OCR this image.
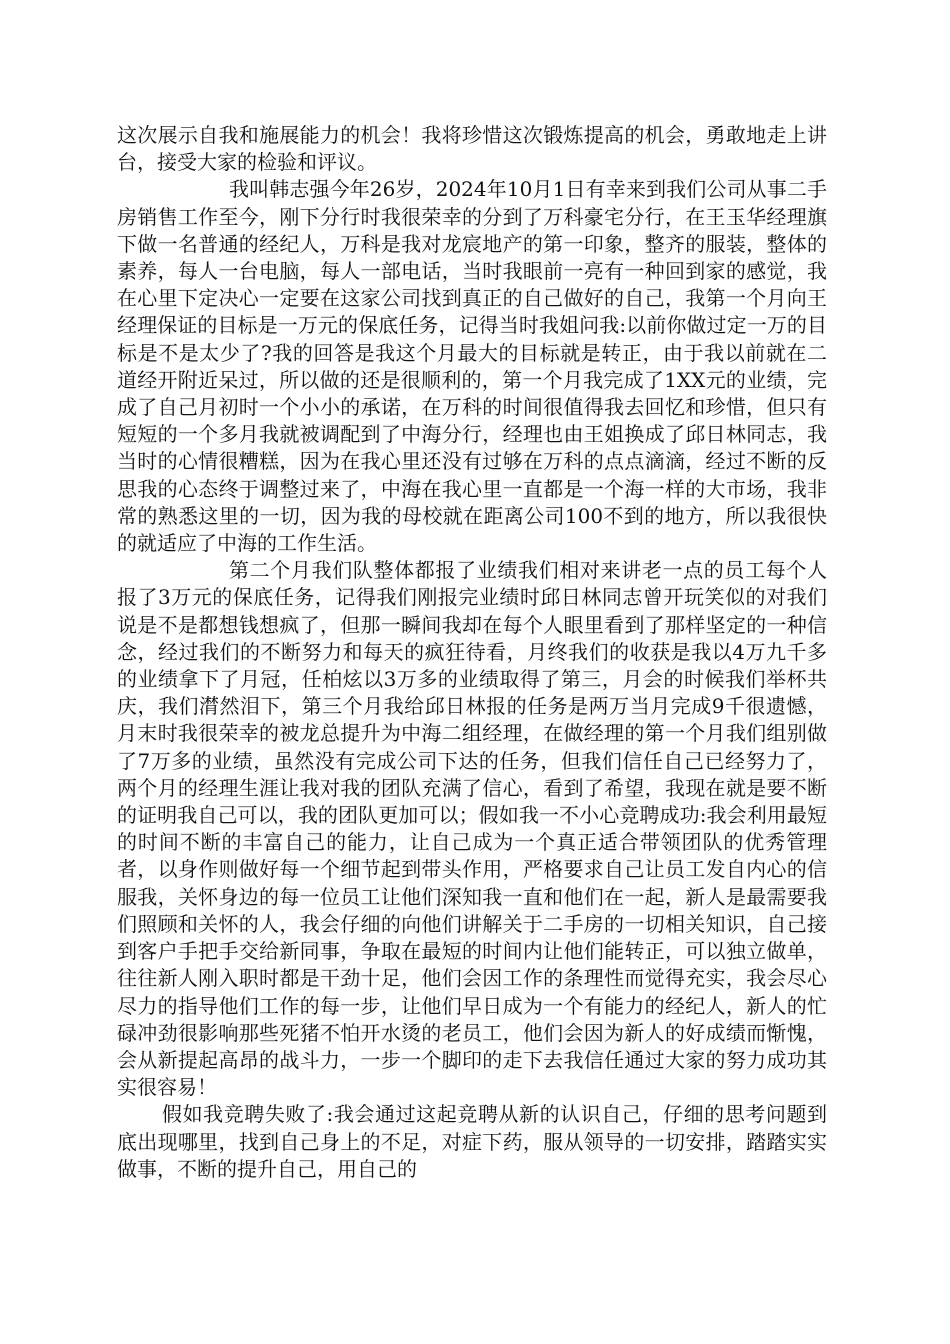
这次展示自我和施展能力的机会！我将珍惜这次锻炼提高的机会，勇敢地走上讲台，接受大家的检验和评议。

我叫韩志强今年26岁，2024年10月1日有幸来到我们公司从事二手房销售工作至今，刚下分行时我很荣幸的分到了万科豪宅分行，在王玉华经理旗下做一名普通的经纪人，万科是我对龙宸地产的第一印象，整齐的服装，整体的素养，每人一台电脑，每人一部电话，当时我眼前一亮有一种回到家的感觉，我在心里下定决心一定要在这家公司找到真正的自己做好的自己，我第一个月向王经理保证的目标是一万元的保底任务，记得当时我姐问我:以前你做过定一万的目标是不是太少了?我的回答是我这个月最大的目标就是转正，由于我以前就在二道经开附近呆过，所以做的还是很顺利的，第一个月我完成了1XX元的业绩，完成了自己月初时一个小小的承诺，在万科的时间很值得我去回忆和珍惜，但只有短短的一个多月我就被调配到了中海分行，经理也由王姐换成了邱日林同志，我当时的心情很糟糕，因为在我心里还没有过够在万科的点点滴滴，经过不断的反思我的心态终于调整过来了，中海在我心里一直都是一个海一样的大市场，我非常的熟悉这里的一切，因为我的母校就在距离公司100不到的地方，所以我很快的就适应了中海的工作生活。

第二个月我们队整体都报了业绩我们相对来讲老一点的员工每个人报了3万元的保底任务，记得我们刚报完业绩时邱日林同志曾开玩笑似的对我们说是不是都想钱想疯了，但那一瞬间我却在每个人眼里看到了那样坚定的一种信念，经过我们的不断努力和每天的疯狂待看，月终我们的收获是我以4万九千多的业绩拿下了月冠，任柏炫以3万多的业绩取得了第三，月会的时候我们举杯共庆，我们潸然泪下，第三个月我给邱日林报的任务是两万当月完成9千很遗憾，月末时我很荣幸的被龙总提升为中海二组经理，在做经理的第一个月我们组别做了7万多的业绩，虽然没有完成公司下达的任务，但我们信任自己已经努力了，两个月的经理生涯让我对我的团队充满了信心，看到了希望，我现在就是要不断的证明我自己可以，我的团队更加可以；假如我一不小心竞聘成功:我会利用最短的时间不断的丰富自己的能力，让自己成为一个真正适合带领团队的优秀管理者，以身作则做好每一个细节起到带头作用，严格要求自己让员工发自内心的信服我，关怀身边的每一位员工让他们深知我一直和他们在一起，新人是最需要我们照顾和关怀的人，我会仔细的向他们讲解关于二手房的一切相关知识，自己接到客户手把手交给新同事，争取在最短的时间内让他们能转正，可以独立做单，往往新人刚入职时都是干劲十足，他们会因工作的条理性而觉得充实，我会尽心尽力的指导他们工作的每一步，让他们早日成为一个有能力的经纪人，新人的忙碌冲劲很影响那些死猪不怕开水烫的老员工，他们会因为新人的好成绩而惭愧，会从新提起高昂的战斗力，一步一个脚印的走下去我信任通过大家的努力成功其实很容易！

假如我竞聘失败了:我会通过这起竞聘从新的认识自己，仔细的思考问题到底出现哪里，找到自己身上的不足，对症下药，服从领导的一切安排，踏踏实实做事，不断的提升自己，用自己的
